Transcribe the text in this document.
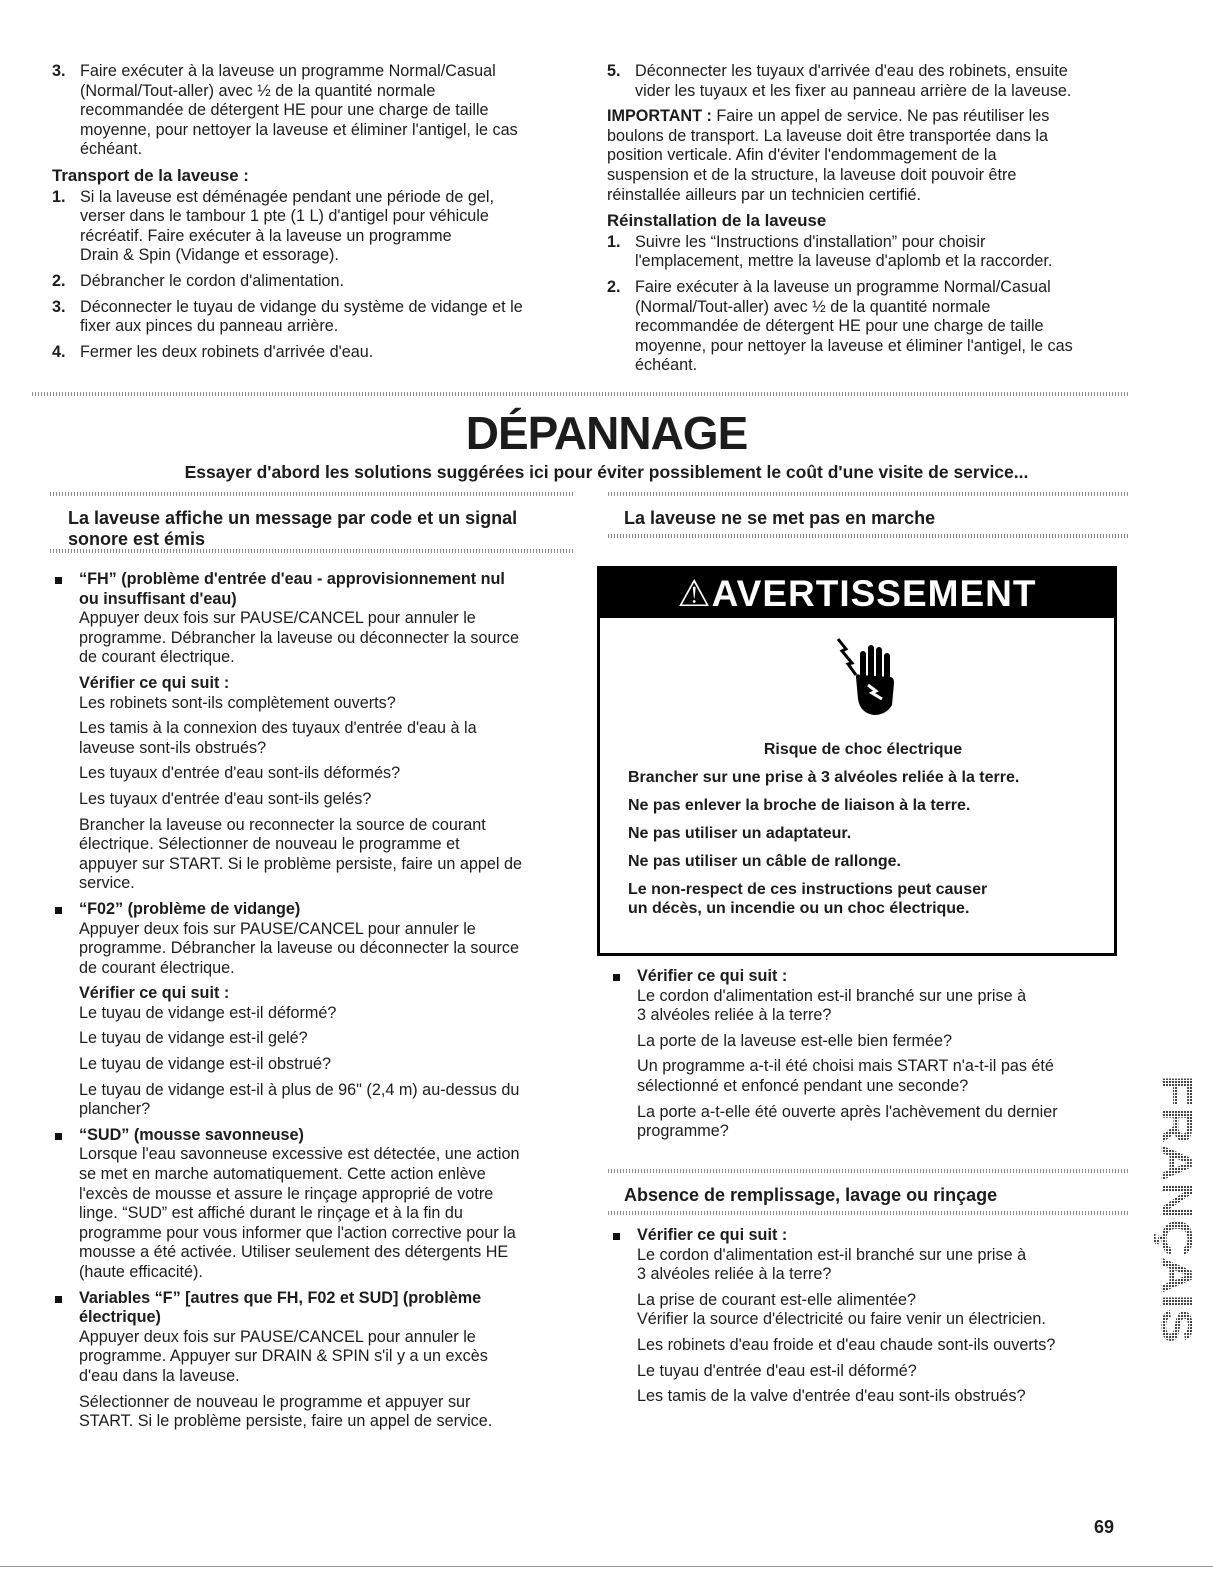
3. Faire exécuter à la laveuse un programme Normal/Casual
(Normal/Tout-aller) avec ½ de la quantité normale
recommandée de détergent HE pour une charge de taille
moyenne, pour nettoyer la laveuse et éliminer l'antigel, le cas
échéant.
Transport de la laveuse :
1. Si la laveuse est déménagée pendant une période de gel,
verser dans le tambour 1 pte (1 L) d'antigel pour véhicule
récréatif. Faire exécuter à la laveuse un programme
Drain & Spin (Vidange et essorage).
2. Débrancher le cordon d'alimentation.
3. Déconnecter le tuyau de vidange du système de vidange et le
fixer aux pinces du panneau arrière.
4. Fermer les deux robinets d'arrivée d'eau.
5. Déconnecter les tuyaux d'arrivée d'eau des robinets, ensuite
vider les tuyaux et les fixer au panneau arrière de la laveuse.
IMPORTANT : Faire un appel de service. Ne pas réutiliser les
boulons de transport. La laveuse doit être transportée dans la
position verticale. Afin d'éviter l'endommagement de la
suspension et de la structure, la laveuse doit pouvoir être
réinstallée ailleurs par un technicien certifié.
Réinstallation de la laveuse
1. Suivre les “Instructions d'installation” pour choisir
l'emplacement, mettre la laveuse d'aplomb et la raccorder.
2. Faire exécuter à la laveuse un programme Normal/Casual
(Normal/Tout-aller) avec ½ de la quantité normale
recommandée de détergent HE pour une charge de taille
moyenne, pour nettoyer la laveuse et éliminer l'antigel, le cas
échéant.
DÉPANNAGE
Essayer d'abord les solutions suggérées ici pour éviter possiblement le coût d'une visite de service...
La laveuse affiche un message par code et un signal
sonore est émis
“FH” (problème d'entrée d'eau - approvisionnement nul
ou insuffisant d'eau)
Appuyer deux fois sur PAUSE/CANCEL pour annuler le
programme. Débrancher la laveuse ou déconnecter la source
de courant électrique.
Vérifier ce qui suit :
Les robinets sont-ils complètement ouverts?
Les tamis à la connexion des tuyaux d'entrée d'eau à la
laveuse sont-ils obstrués?
Les tuyaux d'entrée d'eau sont-ils déformés?
Les tuyaux d'entrée d'eau sont-ils gelés?
Brancher la laveuse ou reconnecter la source de courant
électrique. Sélectionner de nouveau le programme et
appuyer sur START. Si le problème persiste, faire un appel de
service.
“F02” (problème de vidange)
Appuyer deux fois sur PAUSE/CANCEL pour annuler le
programme. Débrancher la laveuse ou déconnecter la source
de courant électrique.
Vérifier ce qui suit :
Le tuyau de vidange est-il déformé?
Le tuyau de vidange est-il gelé?
Le tuyau de vidange est-il obstrué?
Le tuyau de vidange est-il à plus de 96" (2,4 m) au-dessus du
plancher?
“SUD” (mousse savonneuse)
Lorsque l'eau savonneuse excessive est détectée, une action
se met en marche automatiquement. Cette action enlève
l'excès de mousse et assure le rinçage approprié de votre
linge. “SUD” est affiché durant le rinçage et à la fin du
programme pour vous informer que l'action corrective pour la
mousse a été activée. Utiliser seulement des détergents HE
(haute efficacité).
Variables “F” [autres que FH, F02 et SUD] (problème
électrique)
Appuyer deux fois sur PAUSE/CANCEL pour annuler le
programme. Appuyer sur DRAIN & SPIN s'il y a un excès
d'eau dans la laveuse.
Sélectionner de nouveau le programme et appuyer sur
START. Si le problème persiste, faire un appel de service.
La laveuse ne se met pas en marche
⚠AVERTISSEMENT
Risque de choc électrique
Brancher sur une prise à 3 alvéoles reliée à la terre.
Ne pas enlever la broche de liaison à la terre.
Ne pas utiliser un adaptateur.
Ne pas utiliser un câble de rallonge.
Le non-respect de ces instructions peut causer
un décès, un incendie ou un choc électrique.
Vérifier ce qui suit :
Le cordon d'alimentation est-il branché sur une prise à
3 alvéoles reliée à la terre?
La porte de la laveuse est-elle bien fermée?
Un programme a-t-il été choisi mais START n'a-t-il pas été
sélectionné et enfoncé pendant une seconde?
La porte a-t-elle été ouverte après l'achèvement du dernier
programme?
Absence de remplissage, lavage ou rinçage
Vérifier ce qui suit :
Le cordon d'alimentation est-il branché sur une prise à
3 alvéoles reliée à la terre?
La prise de courant est-elle alimentée?
Vérifier la source d'électricité ou faire venir un électricien.
Les robinets d'eau froide et d'eau chaude sont-ils ouverts?
Le tuyau d'entrée d'eau est-il déformé?
Les tamis de la valve d'entrée d'eau sont-ils obstrués?
FRANÇAIS
69
